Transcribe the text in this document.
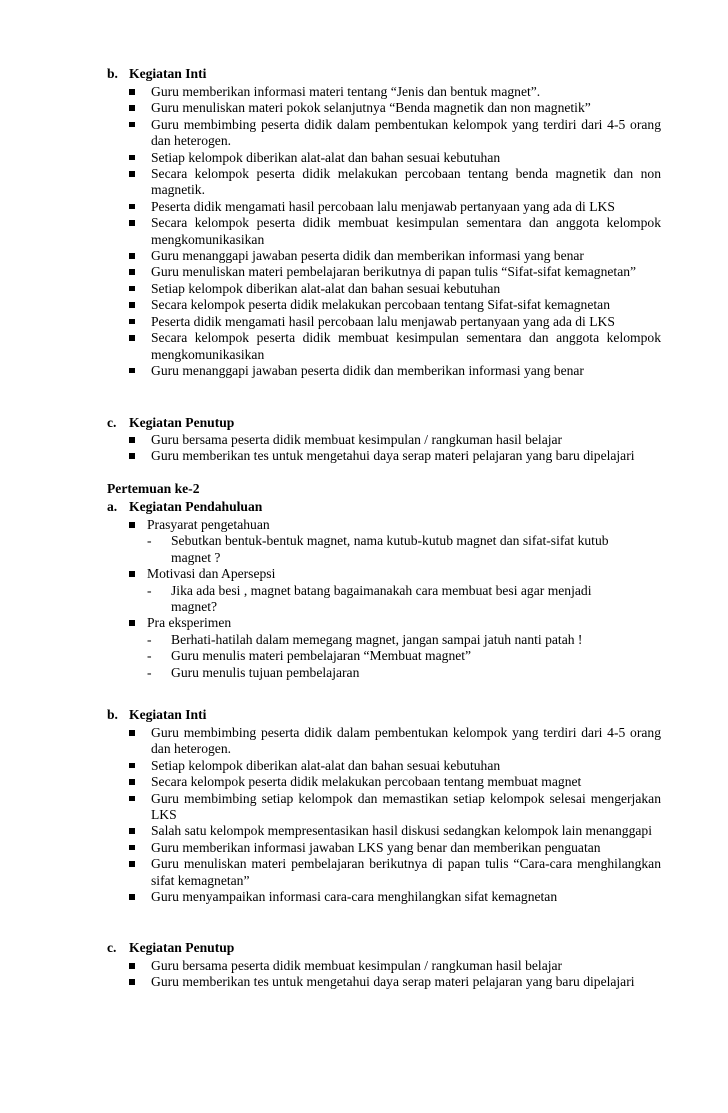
b. Kegiatan Inti
Guru memberikan informasi materi tentang “Jenis dan bentuk magnet”.
Guru menuliskan materi pokok selanjutnya “Benda magnetik dan non magnetik”
Guru membimbing peserta didik dalam pembentukan kelompok yang terdiri dari 4-5 orang dan heterogen.
Setiap kelompok diberikan alat-alat dan bahan sesuai kebutuhan
Secara kelompok peserta didik melakukan percobaan tentang benda magnetik dan non magnetik.
Peserta didik mengamati hasil percobaan lalu menjawab pertanyaan yang ada di LKS
Secara kelompok peserta didik membuat kesimpulan sementara dan anggota kelompok mengkomunikasikan
Guru menanggapi jawaban peserta didik dan memberikan informasi yang benar
Guru menuliskan materi pembelajaran berikutnya di papan tulis “Sifat-sifat kemagnetan”
Setiap kelompok diberikan alat-alat dan bahan sesuai kebutuhan
Secara kelompok peserta didik melakukan percobaan tentang Sifat-sifat kemagnetan
Peserta didik mengamati hasil percobaan lalu menjawab pertanyaan yang ada di LKS
Secara kelompok peserta didik membuat kesimpulan sementara dan anggota kelompok mengkomunikasikan
Guru menanggapi jawaban peserta didik dan memberikan informasi yang benar
c. Kegiatan Penutup
Guru bersama peserta didik membuat kesimpulan / rangkuman hasil belajar
Guru memberikan tes untuk mengetahui daya serap materi pelajaran yang baru dipelajari
Pertemuan ke-2
a. Kegiatan Pendahuluan
Prasyarat pengetahuan
- Sebutkan bentuk-bentuk magnet, nama kutub-kutub magnet dan sifat-sifat kutub magnet ?
Motivasi dan Apersepsi
- Jika ada besi , magnet batang bagaimanakah cara membuat besi agar menjadi magnet?
Pra eksperimen
- Berhati-hatilah dalam memegang magnet, jangan sampai jatuh nanti patah !
- Guru menulis materi pembelajaran “Membuat magnet”
- Guru menulis tujuan pembelajaran
b. Kegiatan Inti
Guru membimbing peserta didik dalam pembentukan kelompok yang terdiri dari 4-5 orang dan heterogen.
Setiap kelompok diberikan alat-alat dan bahan sesuai kebutuhan
Secara kelompok peserta didik melakukan percobaan tentang membuat magnet
Guru membimbing setiap kelompok dan memastikan setiap kelompok selesai mengerjakan LKS
Salah satu kelompok mempresentasikan hasil diskusi sedangkan kelompok lain menanggapi
Guru memberikan informasi jawaban LKS yang benar dan memberikan penguatan
Guru menuliskan materi pembelajaran berikutnya di papan tulis “Cara-cara menghilangkan sifat kemagnetan”
Guru menyampaikan informasi cara-cara menghilangkan sifat kemagnetan
c. Kegiatan Penutup
Guru bersama peserta didik membuat kesimpulan / rangkuman hasil belajar
Guru memberikan tes untuk mengetahui daya serap materi pelajaran yang baru dipelajari
